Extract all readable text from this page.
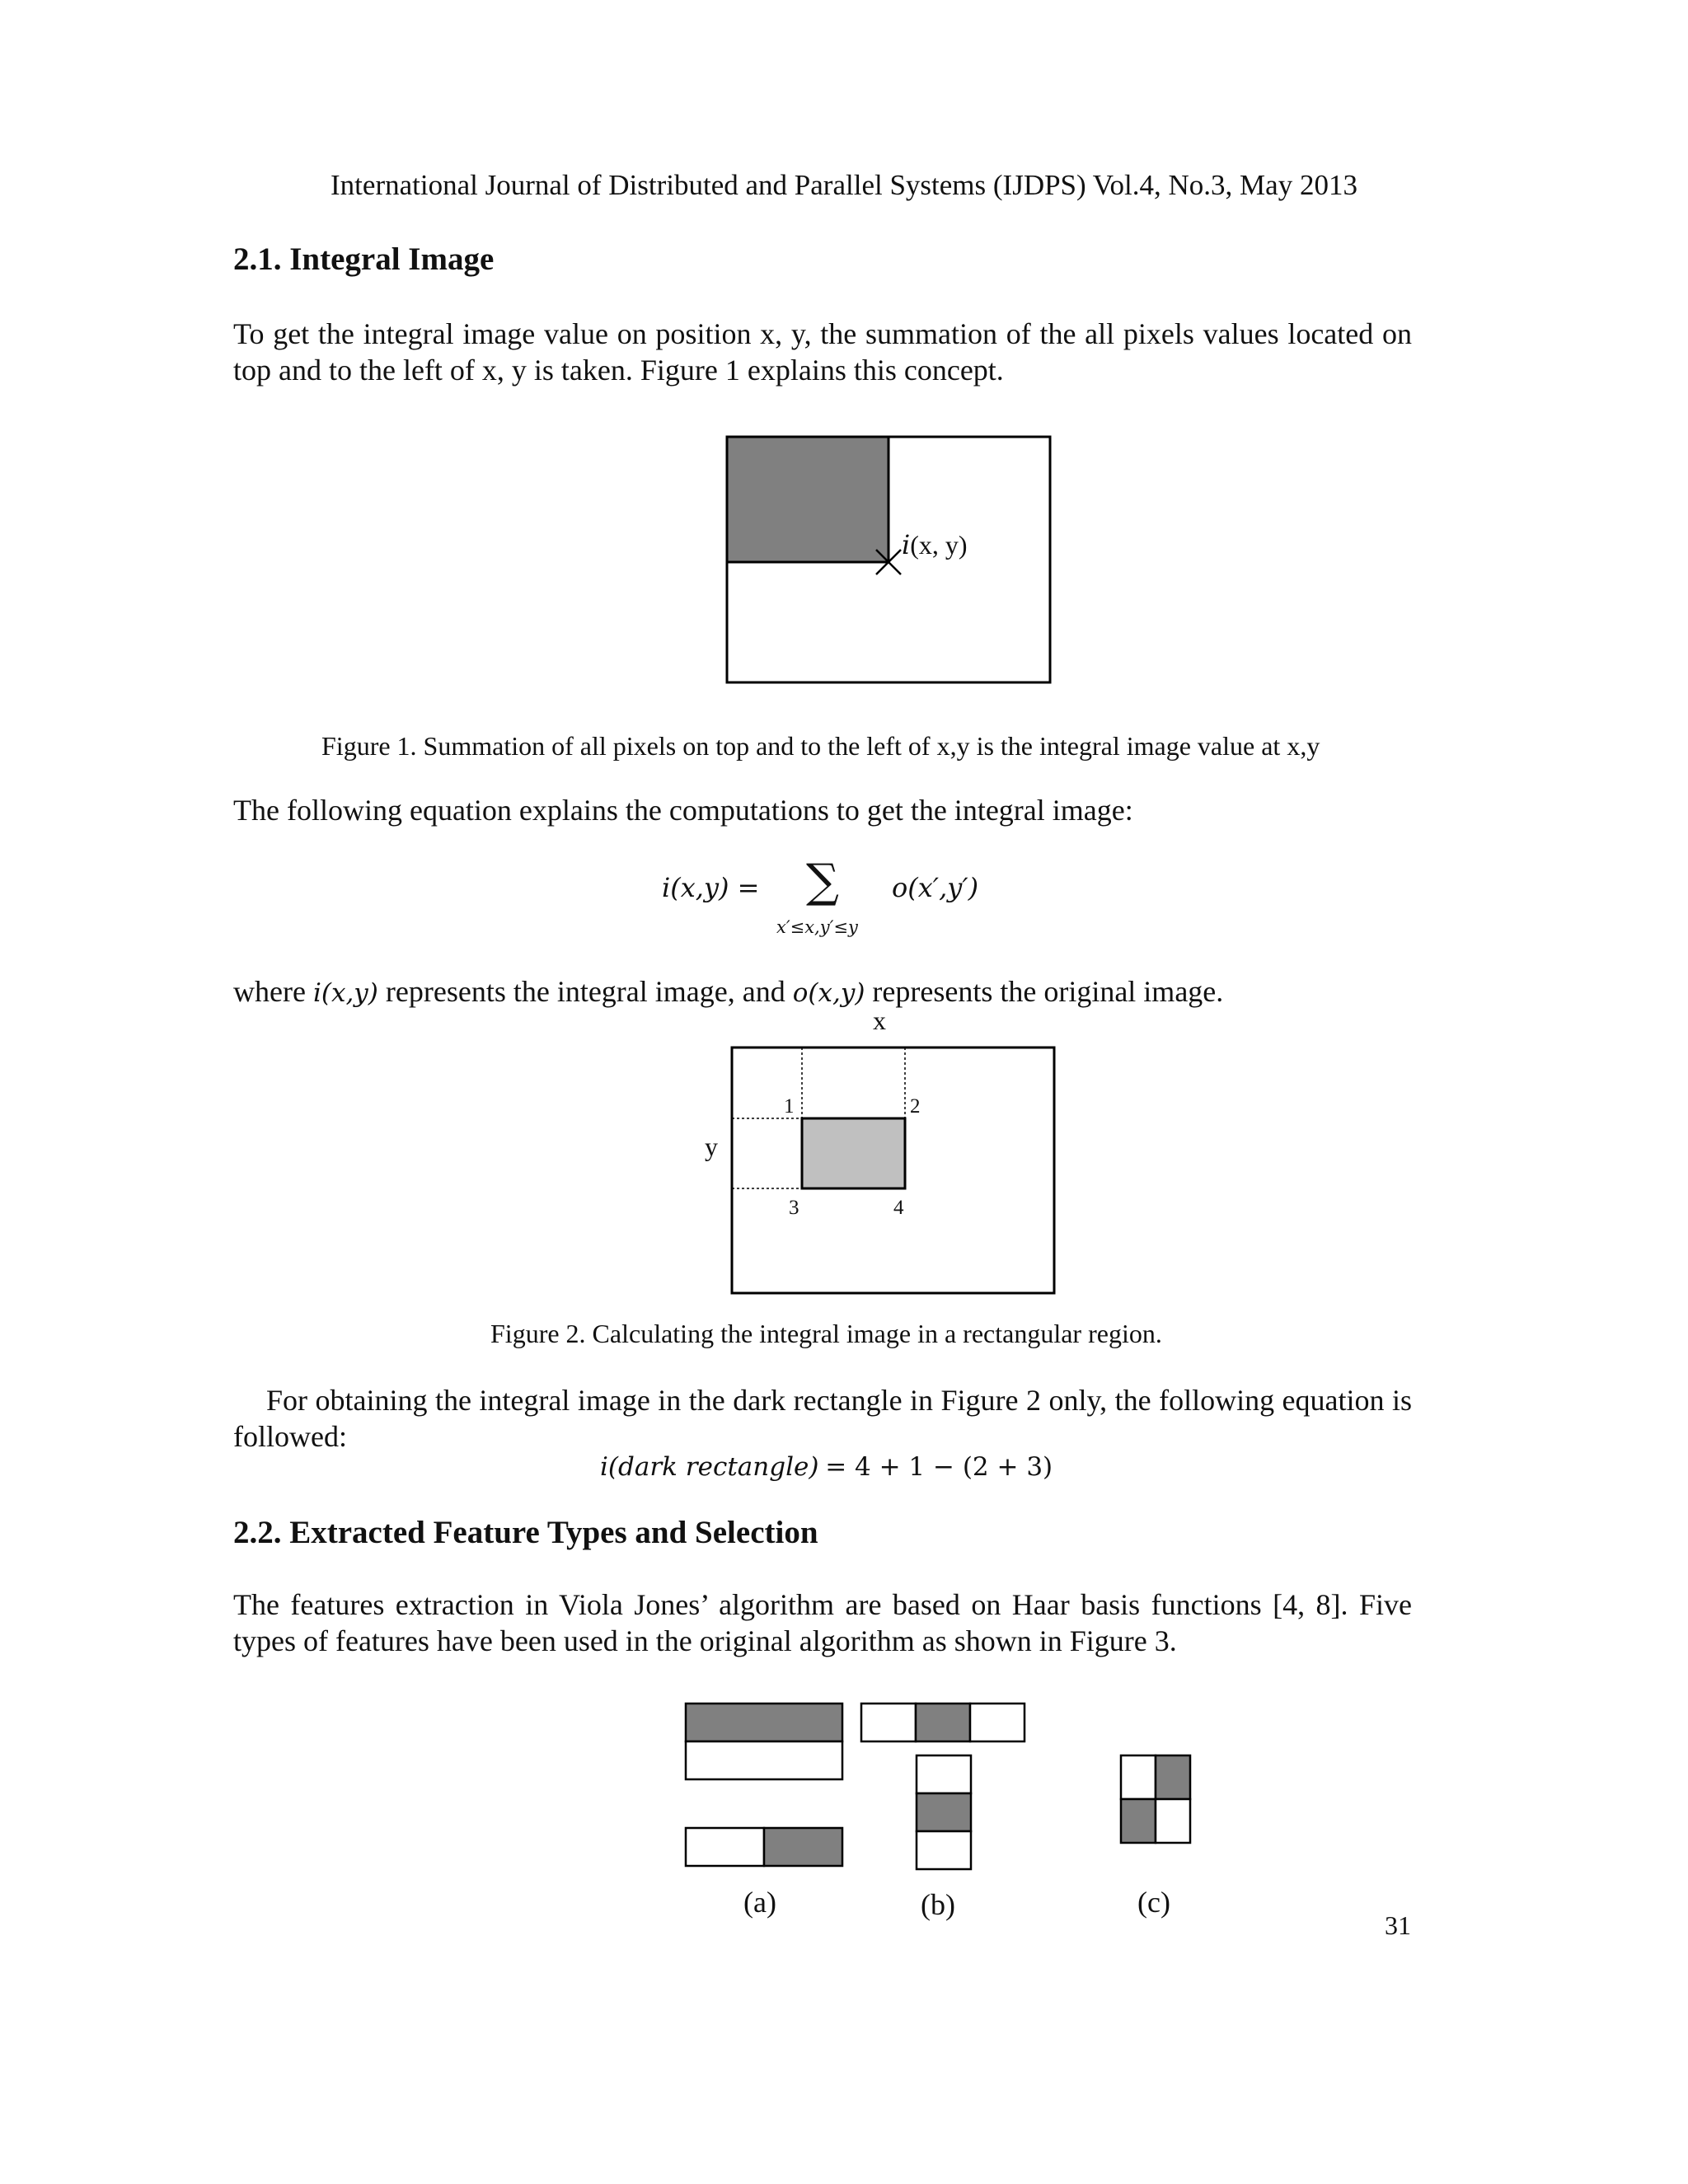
International Journal of Distributed and Parallel Systems (IJDPS) Vol.4, No.3, May 2013
2.1. Integral Image
To get the integral image value on position x, y, the summation of the all pixels values located on top and to the left of x, y is taken. Figure 1 explains this concept.
i(x, y)
Figure 1. Summation of all pixels on top and to the left of x,y is the integral image value at x,y
The following equation explains the computations to get the integral image:
i(x,y) = ∑
x′≤x,y′≤y
o(x′,y′)
where i(x,y) represents the integral image, and o(x,y) represents the original image.
x
y
1	2
3	4
Figure 2. Calculating the integral image in a rectangular region.
For obtaining the integral image in the dark rectangle in Figure 2 only, the following equation is followed:
i(dark rectangle) = 4 + 1 − (2 + 3)
2.2. Extracted Feature Types and Selection
The features extraction in Viola Jones’ algorithm are based on Haar basis functions [4, 8]. Five types of features have been used in the original algorithm as shown in Figure 3.
(a)	(b)	(c)
31
